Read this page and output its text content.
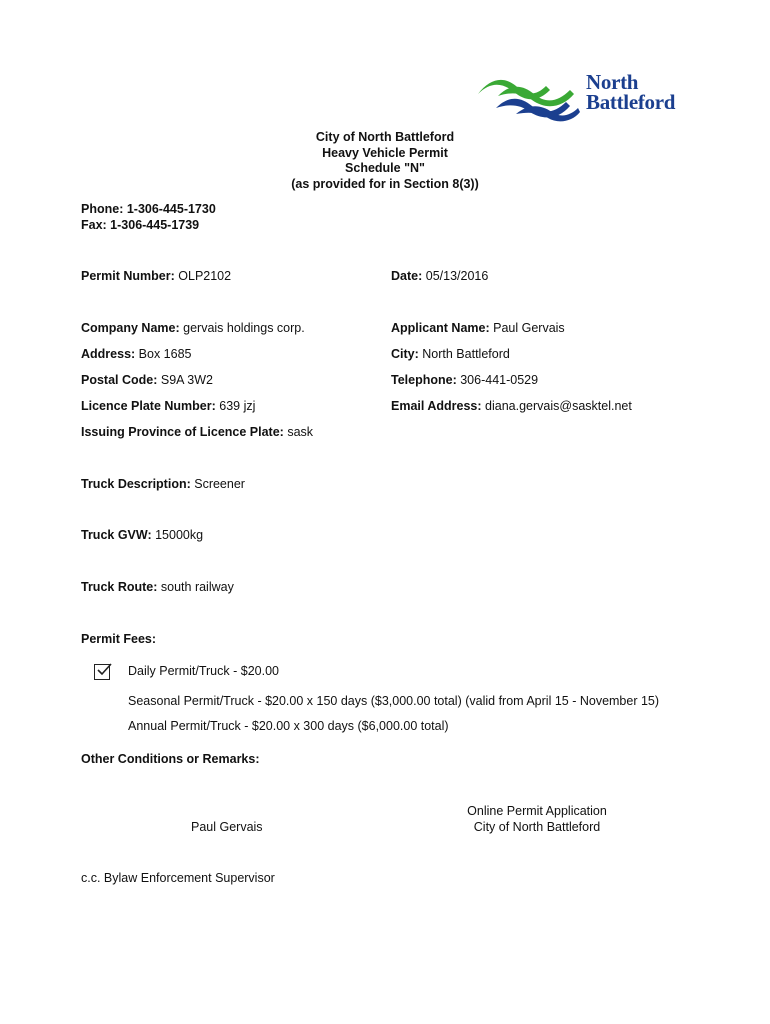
North
Battleford
City of North Battleford
Heavy Vehicle Permit
Schedule "N"
(as provided for in Section 8(3))
Phone: 1-306-445-1730
Fax: 1-306-445-1739
Permit Number: OLP2102	Date: 05/13/2016
Company Name: gervais holdings corp.	Applicant Name: Paul Gervais
Address: Box 1685	City: North Battleford
Postal Code: S9A 3W2	Telephone: 306-441-0529
Licence Plate Number: 639 jzj	Email Address: diana.gervais@sasktel.net
Issuing Province of Licence Plate: sask
Truck Description: Screener
Truck GVW: 15000kg
Truck Route: south railway
Permit Fees:
Daily Permit/Truck - $20.00
Seasonal Permit/Truck - $20.00 x 150 days ($3,000.00 total) (valid from April 15 - November 15)
Annual Permit/Truck - $20.00 x 300 days ($6,000.00 total)
Other Conditions or Remarks:
Paul Gervais
Online Permit Application
City of North Battleford
c.c. Bylaw Enforcement Supervisor
